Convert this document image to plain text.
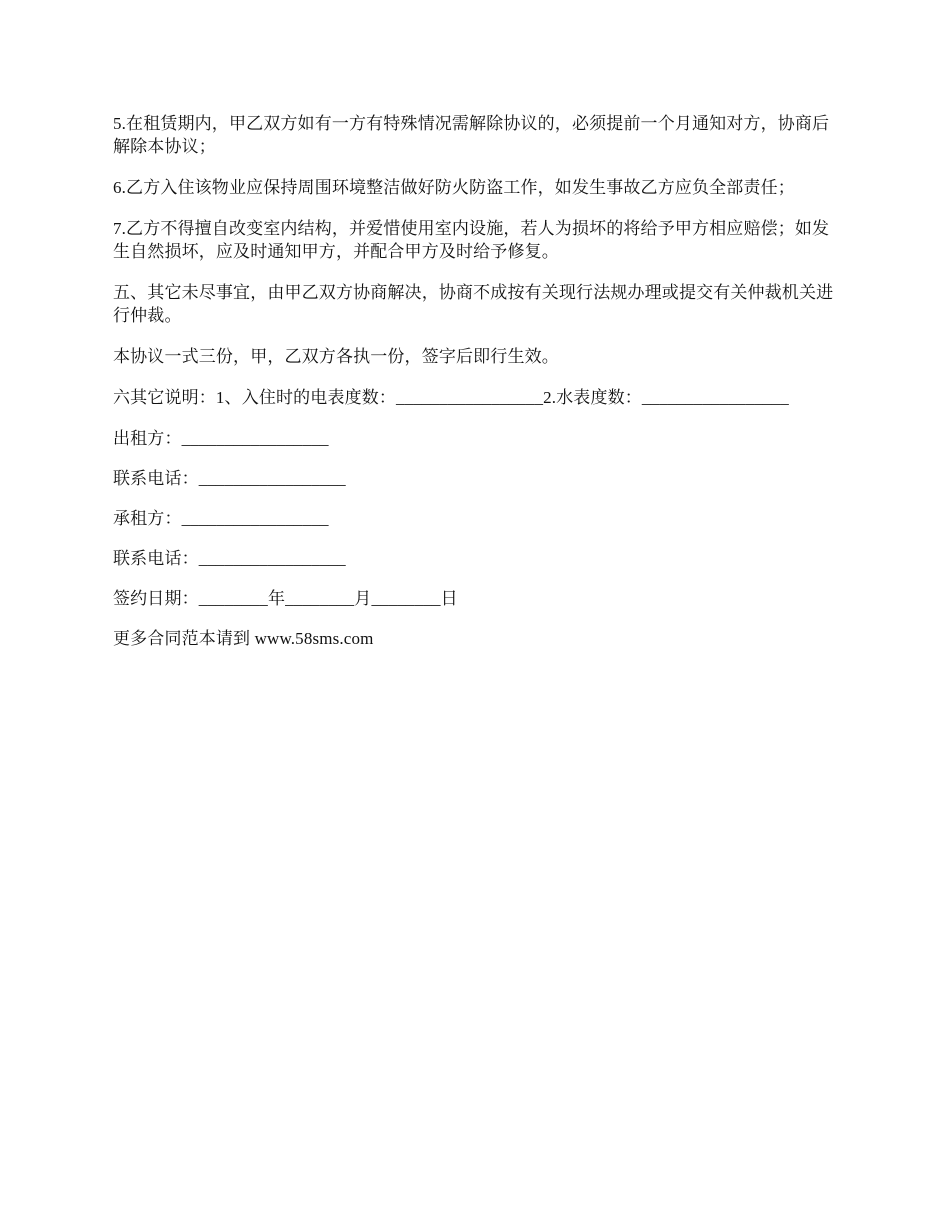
5.在租赁期内，甲乙双方如有一方有特殊情况需解除协议的，必须提前一个月通知对方，协商后解除本协议；

6.乙方入住该物业应保持周围环境整洁做好防火防盗工作，如发生事故乙方应负全部责任；

7.乙方不得擅自改变室内结构，并爱惜使用室内设施，若人为损坏的将给予甲方相应赔偿；如发生自然损坏，应及时通知甲方，并配合甲方及时给予修复。

五、其它未尽事宜，由甲乙双方协商解决，协商不成按有关现行法规办理或提交有关仲裁机关进行仲裁。

本协议一式三份，甲，乙双方各执一份，签字后即行生效。

六其它说明：1、入住时的电表度数：_________________2.水表度数：_________________

出租方：_________________

联系电话：_________________

承租方：_________________

联系电话：_________________

签约日期：________年________月________日

更多合同范本请到 www.58sms.com
